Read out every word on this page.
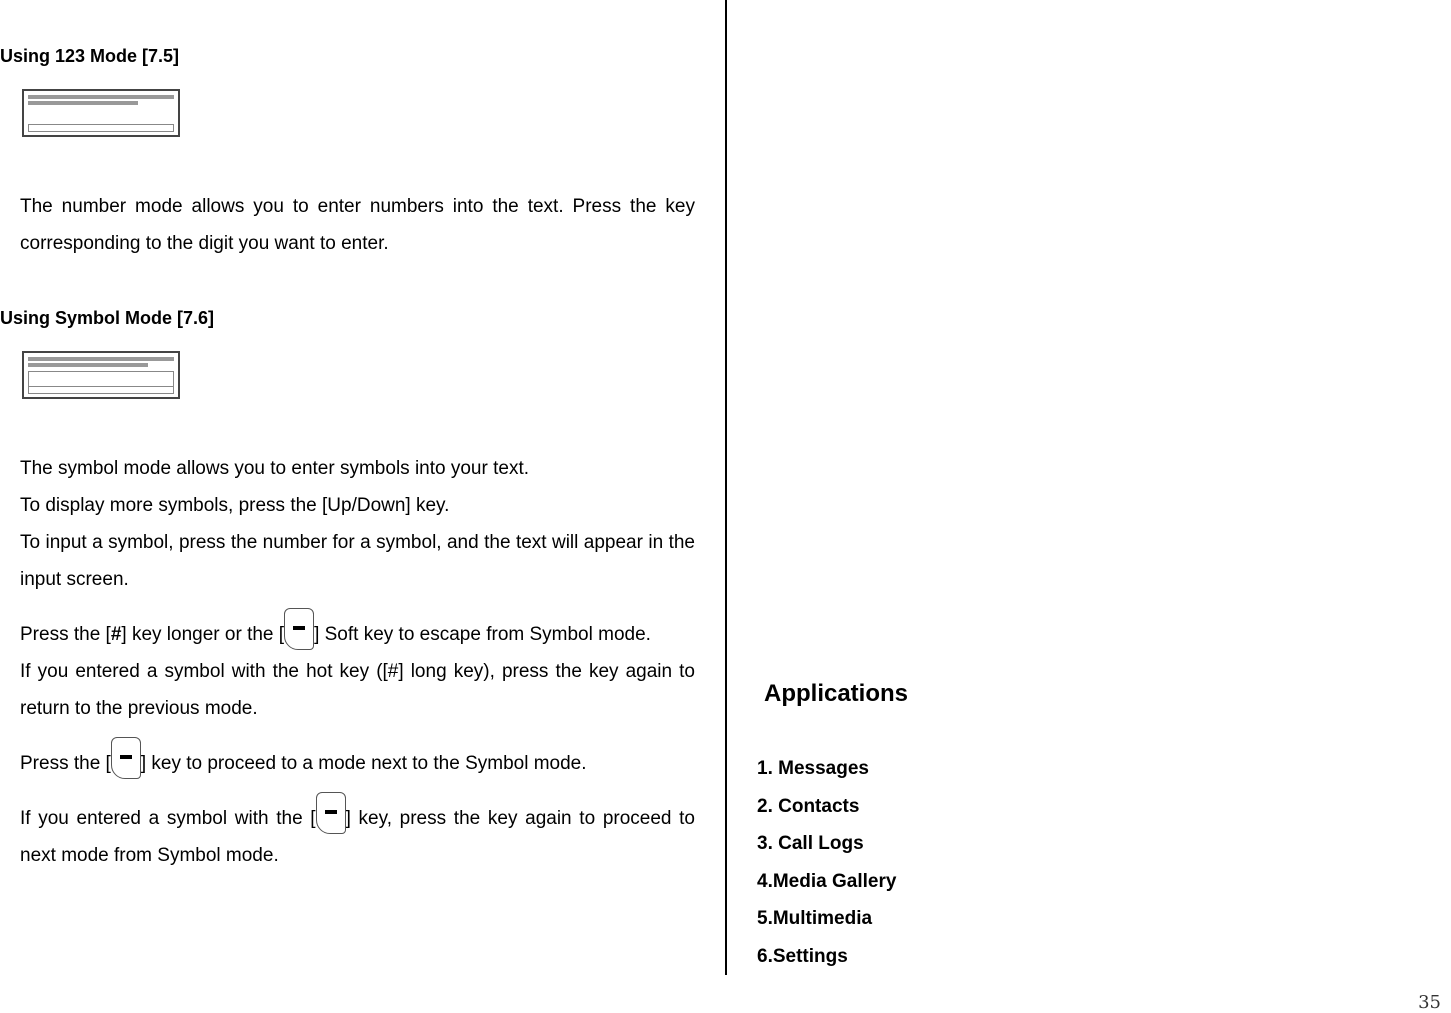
Using 123 Mode [7.5]

The number mode allows you to enter numbers into the text. Press the key corresponding to the digit you want to enter.

Using Symbol Mode [7.6]
The symbol mode allows you to enter symbols into your text.
To display more symbols, press the [Up/Down] key.

To input a symbol, press the number for a symbol, and the text will appear in the input screen.

Press the [#] key longer or the [ ] Soft key to escape from Symbol mode.

If you entered a symbol with the hot key ([#] long key), press the key again to return to the previous mode.

Press the [ ] key to proceed to a mode next to the Symbol mode.

If you entered a symbol with the [ ] key, press the key again to proceed to next mode from Symbol mode.

Applications
1. Messages
2. Contacts
3. Call Logs
4.Media Gallery
5.Multimedia
6.Settings
35
